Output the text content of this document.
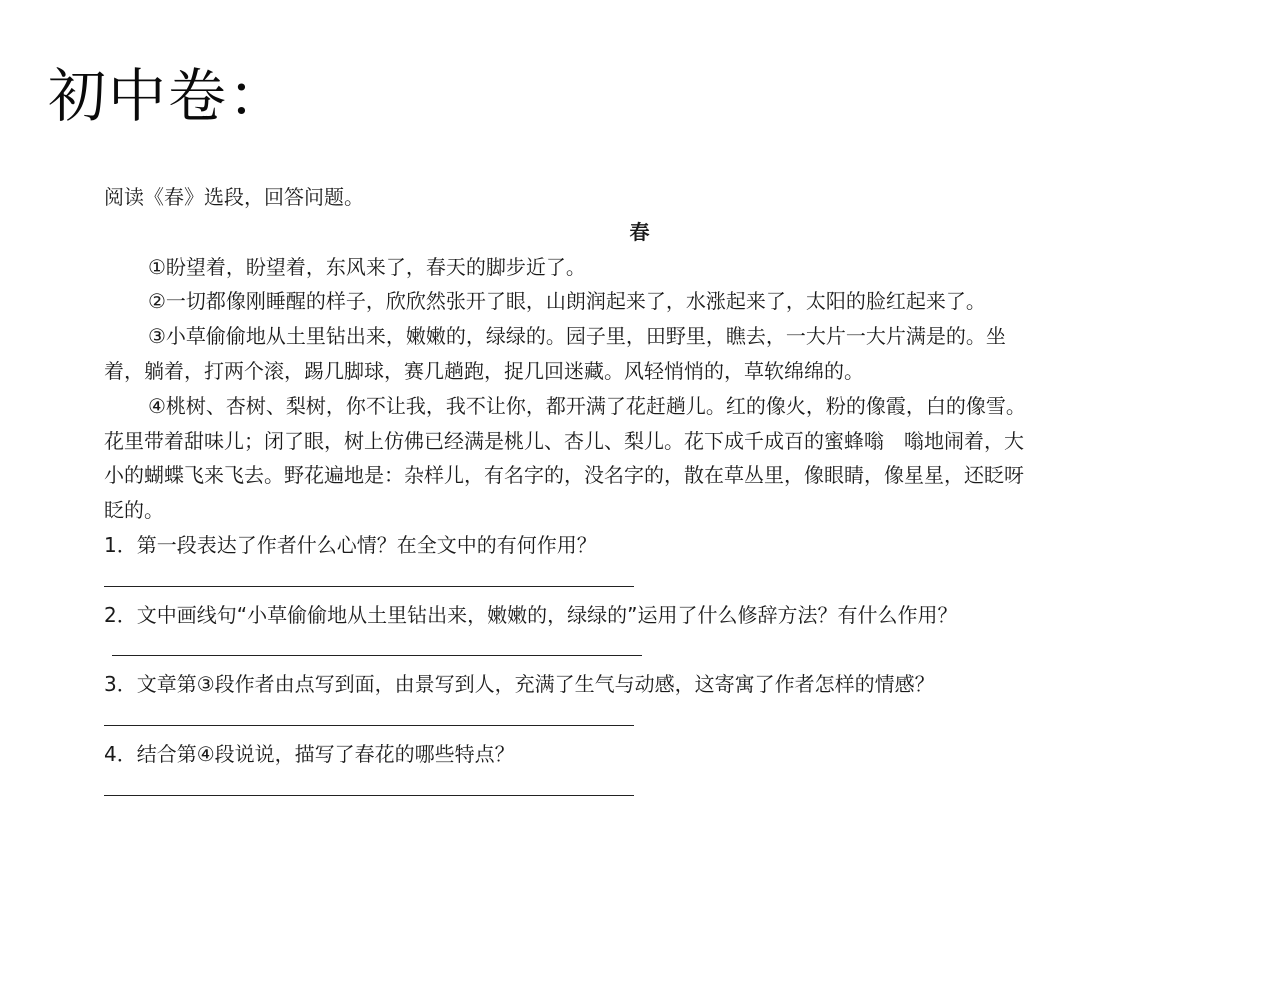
初中卷：
阅读《春》选段，回答问题。
春
①盼望着，盼望着，东风来了，春天的脚步近了。
②一切都像刚睡醒的样子，欣欣然张开了眼，山朗润起来了，水涨起来了，太阳的脸红起来了。
③小草偷偷地从土里钻出来，嫩嫩的，绿绿的。园子里，田野里，瞧去，一大片一大片满是的。坐
着，躺着，打两个滚，踢几脚球，赛几趟跑，捉几回迷藏。风轻悄悄的，草软绵绵的。
④桃树、杏树、梨树，你不让我，我不让你，都开满了花赶趟儿。红的像火，粉的像霞，白的像雪。
花里带着甜味儿；闭了眼，树上仿佛已经满是桃儿、杏儿、梨儿。花下成千成百的蜜蜂嗡　嗡地闹着，大
小的蝴蝶飞来飞去。野花遍地是：杂样儿，有名字的，没名字的，散在草丛里，像眼睛，像星星，还眨呀
眨的。
1．第一段表达了作者什么心情？在全文中的有何作用？
2．文中画线句“小草偷偷地从土里钻出来，嫩嫩的，绿绿的”运用了什么修辞方法？有什么作用？
3．文章第③段作者由点写到面，由景写到人，充满了生气与动感，这寄寓了作者怎样的情感？
4．结合第④段说说，描写了春花的哪些特点？
